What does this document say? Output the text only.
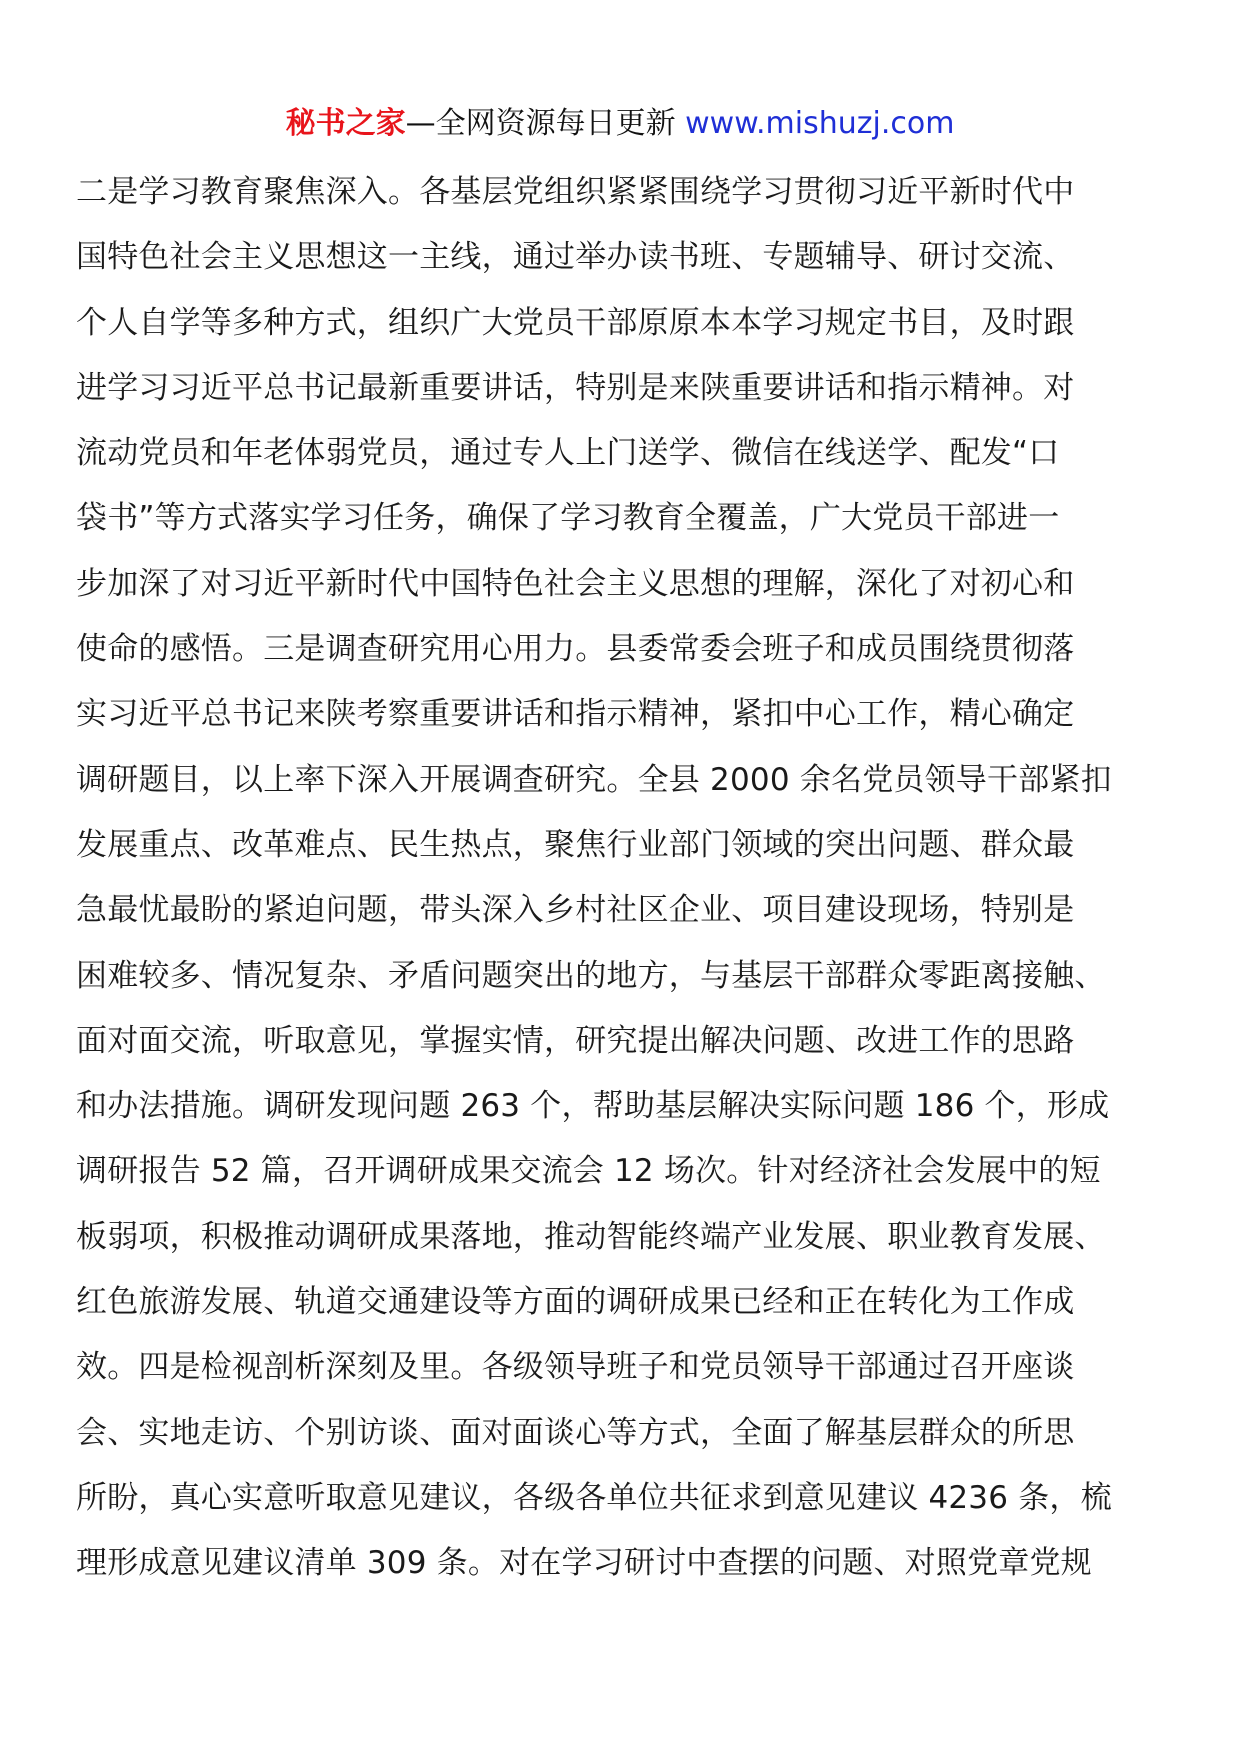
秘书之家—全网资源每日更新 www.mishuzj.com
二是学习教育聚焦深入。各基层党组织紧紧围绕学习贯彻习近平新时代中
国特色社会主义思想这一主线，通过举办读书班、专题辅导、研讨交流、
个人自学等多种方式，组织广大党员干部原原本本学习规定书目，及时跟
进学习习近平总书记最新重要讲话，特别是来陕重要讲话和指示精神。对
流动党员和年老体弱党员，通过专人上门送学、微信在线送学、配发“口
袋书”等方式落实学习任务，确保了学习教育全覆盖，广大党员干部进一
步加深了对习近平新时代中国特色社会主义思想的理解，深化了对初心和
使命的感悟。三是调查研究用心用力。县委常委会班子和成员围绕贯彻落
实习近平总书记来陕考察重要讲话和指示精神，紧扣中心工作，精心确定
调研题目，以上率下深入开展调查研究。全县 2000 余名党员领导干部紧扣
发展重点、改革难点、民生热点，聚焦行业部门领域的突出问题、群众最
急最忧最盼的紧迫问题，带头深入乡村社区企业、项目建设现场，特别是
困难较多、情况复杂、矛盾问题突出的地方，与基层干部群众零距离接触、
面对面交流，听取意见，掌握实情，研究提出解决问题、改进工作的思路
和办法措施。调研发现问题 263 个，帮助基层解决实际问题 186 个，形成
调研报告 52 篇，召开调研成果交流会 12 场次。针对经济社会发展中的短
板弱项，积极推动调研成果落地，推动智能终端产业发展、职业教育发展、
红色旅游发展、轨道交通建设等方面的调研成果已经和正在转化为工作成
效。四是检视剖析深刻及里。各级领导班子和党员领导干部通过召开座谈
会、实地走访、个别访谈、面对面谈心等方式，全面了解基层群众的所思
所盼，真心实意听取意见建议，各级各单位共征求到意见建议 4236 条，梳
理形成意见建议清单 309 条。对在学习研讨中查摆的问题、对照党章党规
